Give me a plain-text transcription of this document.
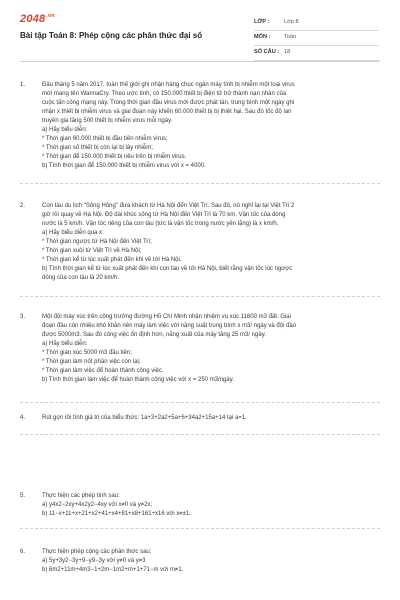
$2048^{.vn}$
Bài tập Toán 8: Phép cộng các phân thức đại số
LỚP :	Lớp 8
MÔN : Toán
SỐ CÂU : 18
1.	Đầu tháng 5 năm 2017, toàn thế giới ghi nhận hàng chục ngàn máy tính bị nhiễm một loại virus
mới mang tên WannaCry. Theo ước tính, có 150.000 thiết bị điện tử trở thành nạn nhân của
cuộc tấn công mạng này. Trong thời gian đầu virus mới được phát tán, trung bình một ngày ghi
nhận x thiết bị nhiễm virus và giai đoạn này khiến 60.000 thiết bị bị thiệt hại. Sau đó tốc độ lan
truyền gia tăng 500 thiết bị nhiễm virus mỗi ngày.
a) Hãy biểu diễn:
* Thời gian 60.000 thiết bị đầu tiên nhiễm virus;
* Thời gian số thiết bị còn lại bị lây nhiễm;
* Thời gian để 150.000 thiết bị nêu trên bị nhiễm virus.
b) Tính thời gian để 150.000 thiết bị nhiễm virus với x = 4000.
2.	Con tàu du lịch "Sông Hồng" đưa khách từ Hà Nội đến Việt Trì. Sau đó, nó nghỉ lại tại Việt Trì 2
giờ rồi quay về Hà Nội. Độ dài khúc sông từ Hà Nội đến Việt Trì là 70 km. Vận tốc của dòng
nước là 5 km/h. Vận tốc riêng của con tàu (tức là vận tốc trong nước yên lặng) là x km/h.
a) Hãy biểu diễn qua x:
* Thời gian ngược từ Hà Nội đến Việt Trì;
* Thời gian xuôi từ Việt Trì về Hà Nội;
* Thời gian kể từ lúc xuất phát đến khi về tới Hà Nội.
b) Tính thời gian kể từ lúc xuất phát đến khi con tàu về tới Hà Nội, biết rằng vận tốc lúc ngược
dòng của con tàu là 20 km/h.
3.	Một đội máy xúc trên công trường đường Hồ Chí Minh nhận nhiệm vụ xúc 11600 m3 đất. Giai
đoạn đầu còn nhiều khó khăn nên máy làm việc với năng suất trung bình x m3/ ngày và đội đào
được 5000m3. Sau đó công việc ổn định hơn, năng xuất của máy tăng 25 m3/ ngày.
a) Hãy biểu diễn:
* Thời gian xúc 5000 m3 đầu tiên;
* Thời gian làm nốt phần việc còn lại;
* Thời gian làm việc để hoàn thành công việc.
b) Tính thời gian làm việc để hoàn thành công việc với x = 250 m3/ngày.
4.	Rút gọn rồi tính giá trị của biểu thức: 1a+3+2a2+5a+6+34a2+15a+14 tại a=1.
5.	Thực hiện các phép tính sau:
a) y4x2−2xy+4x2y2−4xy với x≠0 và y≠2x;
b) 11−x+11+x+21+x2+41+x4+81+x8+161+x16 với x≠±1.
6.	Thực hiện phép cộng các phân thức sau:
a) 5y+3y2−3y+9−y9−3y với y≠0 và y≠3
b) 6m2+11m+4m3−1+2m−1m2+m+1+71−m với m≠1.
